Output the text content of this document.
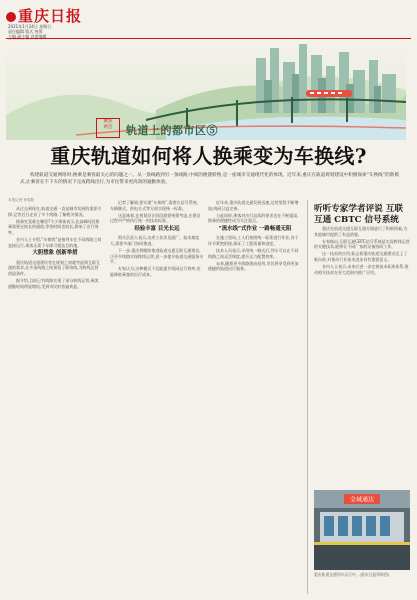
重庆日报
2021年1月24日 星期日
责任编辑 版式 统筹
主编 副主编 首席编辑
聚焦
两会	轨道上的都市区⑤
重庆轨道如何将人换乘变为车换线?
构建轨道交通网络时,换乘是乘客最关心的问题之一。从一条线路到另一条线路,中间的便捷转换,是一座城市交通现代化的体现。近年来,重庆在轨道规划建设中积极探索“车换线”的新模式,让乘客在不下车的情况下完成跨线出行,为市民带来更高效的通勤体验。
本报记者 何春阳

从过去到现在,轨道交通一直是城市发展的重要支撑,记者近日走访了多个线路,了解相关情况。

换乘究竟难在哪里?不少乘客表示,在高峰时段换乘需要走较长的通道,等待时间也较长,影响了出行效率。

业内人士介绍,“车换线”是指列车在不同线路之间直接运行,乘客无需下车即可抵达目的地。

大胆想象 创新举措

重庆轨道交通建设者在规划之初就考虑到互联互通的需求,在多条线路之间预留了联络线,为跨线运营创造条件。

据介绍,目前已有线路实现了部分跨线运营,乘客通勤时间明显缩短,受到市民的普遍欢迎。

记者了解到,要实现“车换线”,需要在信号系统、车辆制式、供电方式等方面实现统一标准。

这意味着,在规划设计阶段就要统筹考虑,在建设过程中严格执行统一的技术标准。

经验丰富 目光长远

相关负责人表示,这项工作涉及面广、技术难度大,需要多部门协同推进。

下一步,重庆将继续推进轨道交通互联互通建设,让更多线路实现跨线运营,进一步提升轨道交通服务水平。

专家认为,这种模式不仅能提升线网运行效率,也能降低乘客的出行成本。

近年来,重庆轨道交通发展迅速,运营里程不断增加,线网日益完善。

与此同时,乘客对出行品质的要求也在不断提高,换乘的便捷性成为关注重点。

“流水线”式作业 一路畅通无阻

在施工现场,工人们按照统一标准进行作业,各个环节紧密衔接,保证了工程质量和进度。

技术人员表示,采用统一制式后,列车可以在不同线路之间灵活调度,提升运力配置效率。

未来,随着更多线路建成投用,市民将享受到更加便捷的轨道出行服务。

听听专家学者评说 互联互通 CBTC 信号系统

重庆在轨道交通互联互通方面进行了积极探索,为其他城市提供了有益借鉴。

专家指出,互联互通CBTC信号系统是实现跨线运营的关键技术,能够让不同厂家的设备协同工作。

这一技术的应用,标志着重庆轨道交通建设迈上了新台阶,对推动行业技术进步具有重要意义。

业内人士表示,未来应进一步完善技术标准体系,推动相关技术在更大范围内推广应用。

全域通达
重庆轨道交通列车运行中。(重庆日报资料图)
